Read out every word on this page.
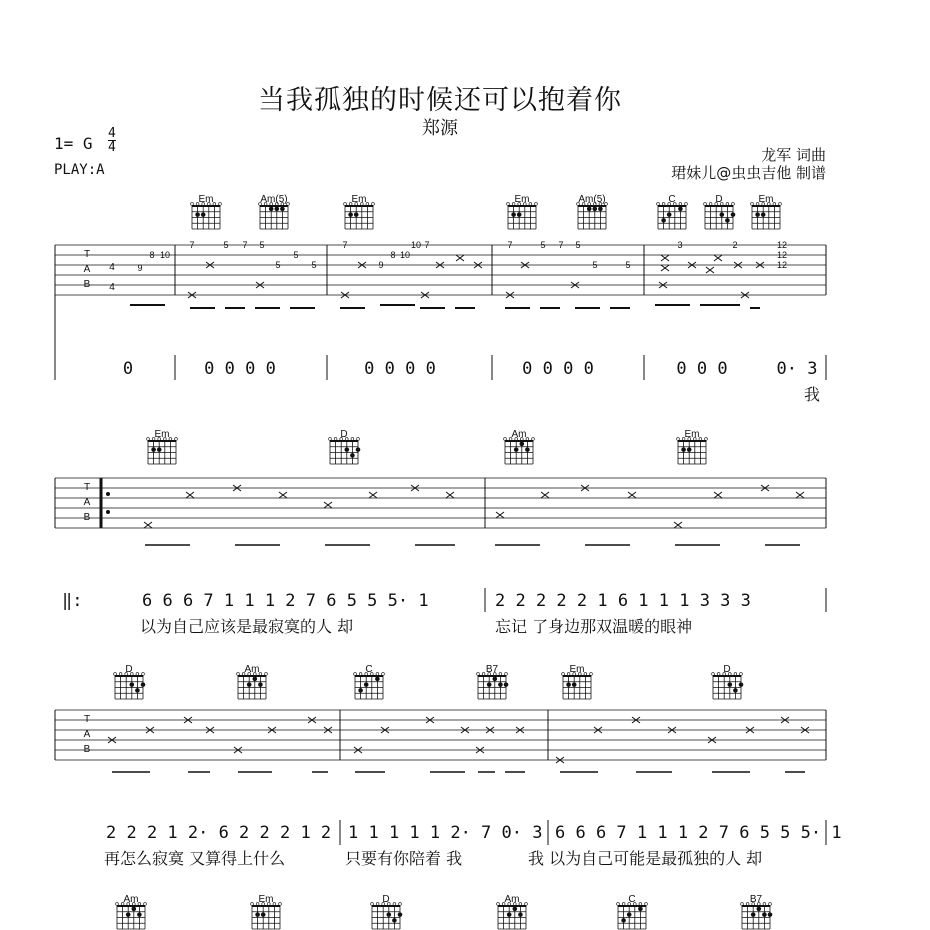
当我孤独的时候还可以抱着你
郑源
1= G
4
4
PLAY:A
龙军 词曲
珺妹儿@虫虫吉他 制谱
Em	Am(5)	Em	Em	Am(5)	C	D	Em
T
A
B
4
4
9
8 10
7	5 7 5
5
5
5
7
9
8 10
10 7	7	5 7 5
5	5
3	2	12
12
12
0	0 0 0 0	0 0 0 0	0 0 0 0	0 0 0	0· 3
我
Em	D	Am	Em
T
A
B
‖:	6 6 6 7 1 1 1 2 7 6 5 5 5· 1	2 2 2 2 2 1 6 1 1 1 3 3 3
以为自己应该是最寂寞的人 却	忘记 了身边那双温暖的眼神
D	Am	C	B7	Em	D
T
A
B
2 2 2 1 2· 6 2 2 2 1 2 1 1 1 1 1 2· 7 0· 3 6 6 6 7 1 1 1 2 7 6 5 5 5· 1
再怎么寂寞 又算得上什么	只要有你陪着 我	我 以为自己可能是最孤独的人 却
Am	Em	D	Am	C	B7
